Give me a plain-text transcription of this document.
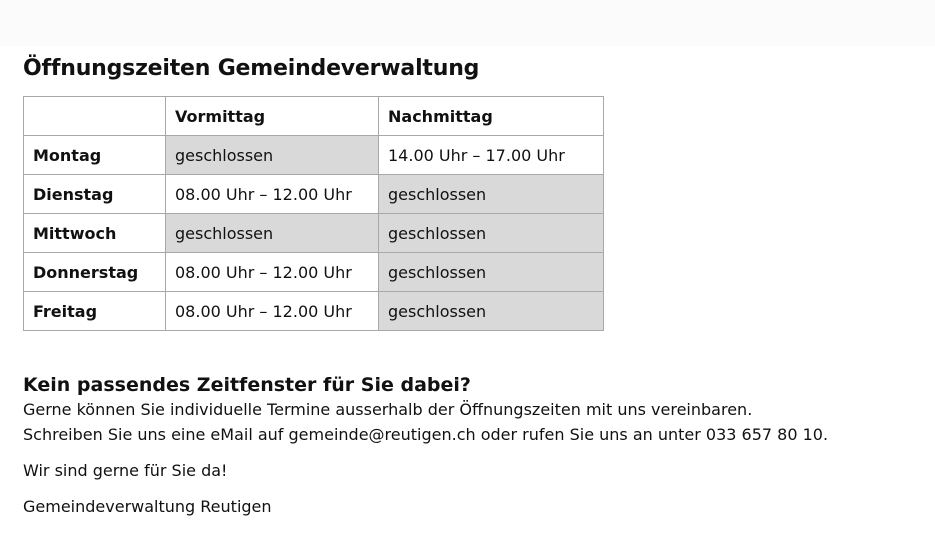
Öffnungszeiten Gemeindeverwaltung
	Vormittag	Nachmittag
Montag	geschlossen	14.00 Uhr – 17.00 Uhr
Dienstag	08.00 Uhr – 12.00 Uhr	geschlossen
Mittwoch	geschlossen	geschlossen
Donnerstag	08.00 Uhr – 12.00 Uhr	geschlossen
Freitag	08.00 Uhr – 12.00 Uhr	geschlossen
Kein passendes Zeitfenster für Sie dabei?

Gerne können Sie individuelle Termine ausserhalb der Öffnungszeiten mit uns vereinbaren.

Schreiben Sie uns eine eMail auf gemeinde@reutigen.ch oder rufen Sie uns an unter 033 657 80 10.

Wir sind gerne für Sie da!

Gemeindeverwaltung Reutigen
